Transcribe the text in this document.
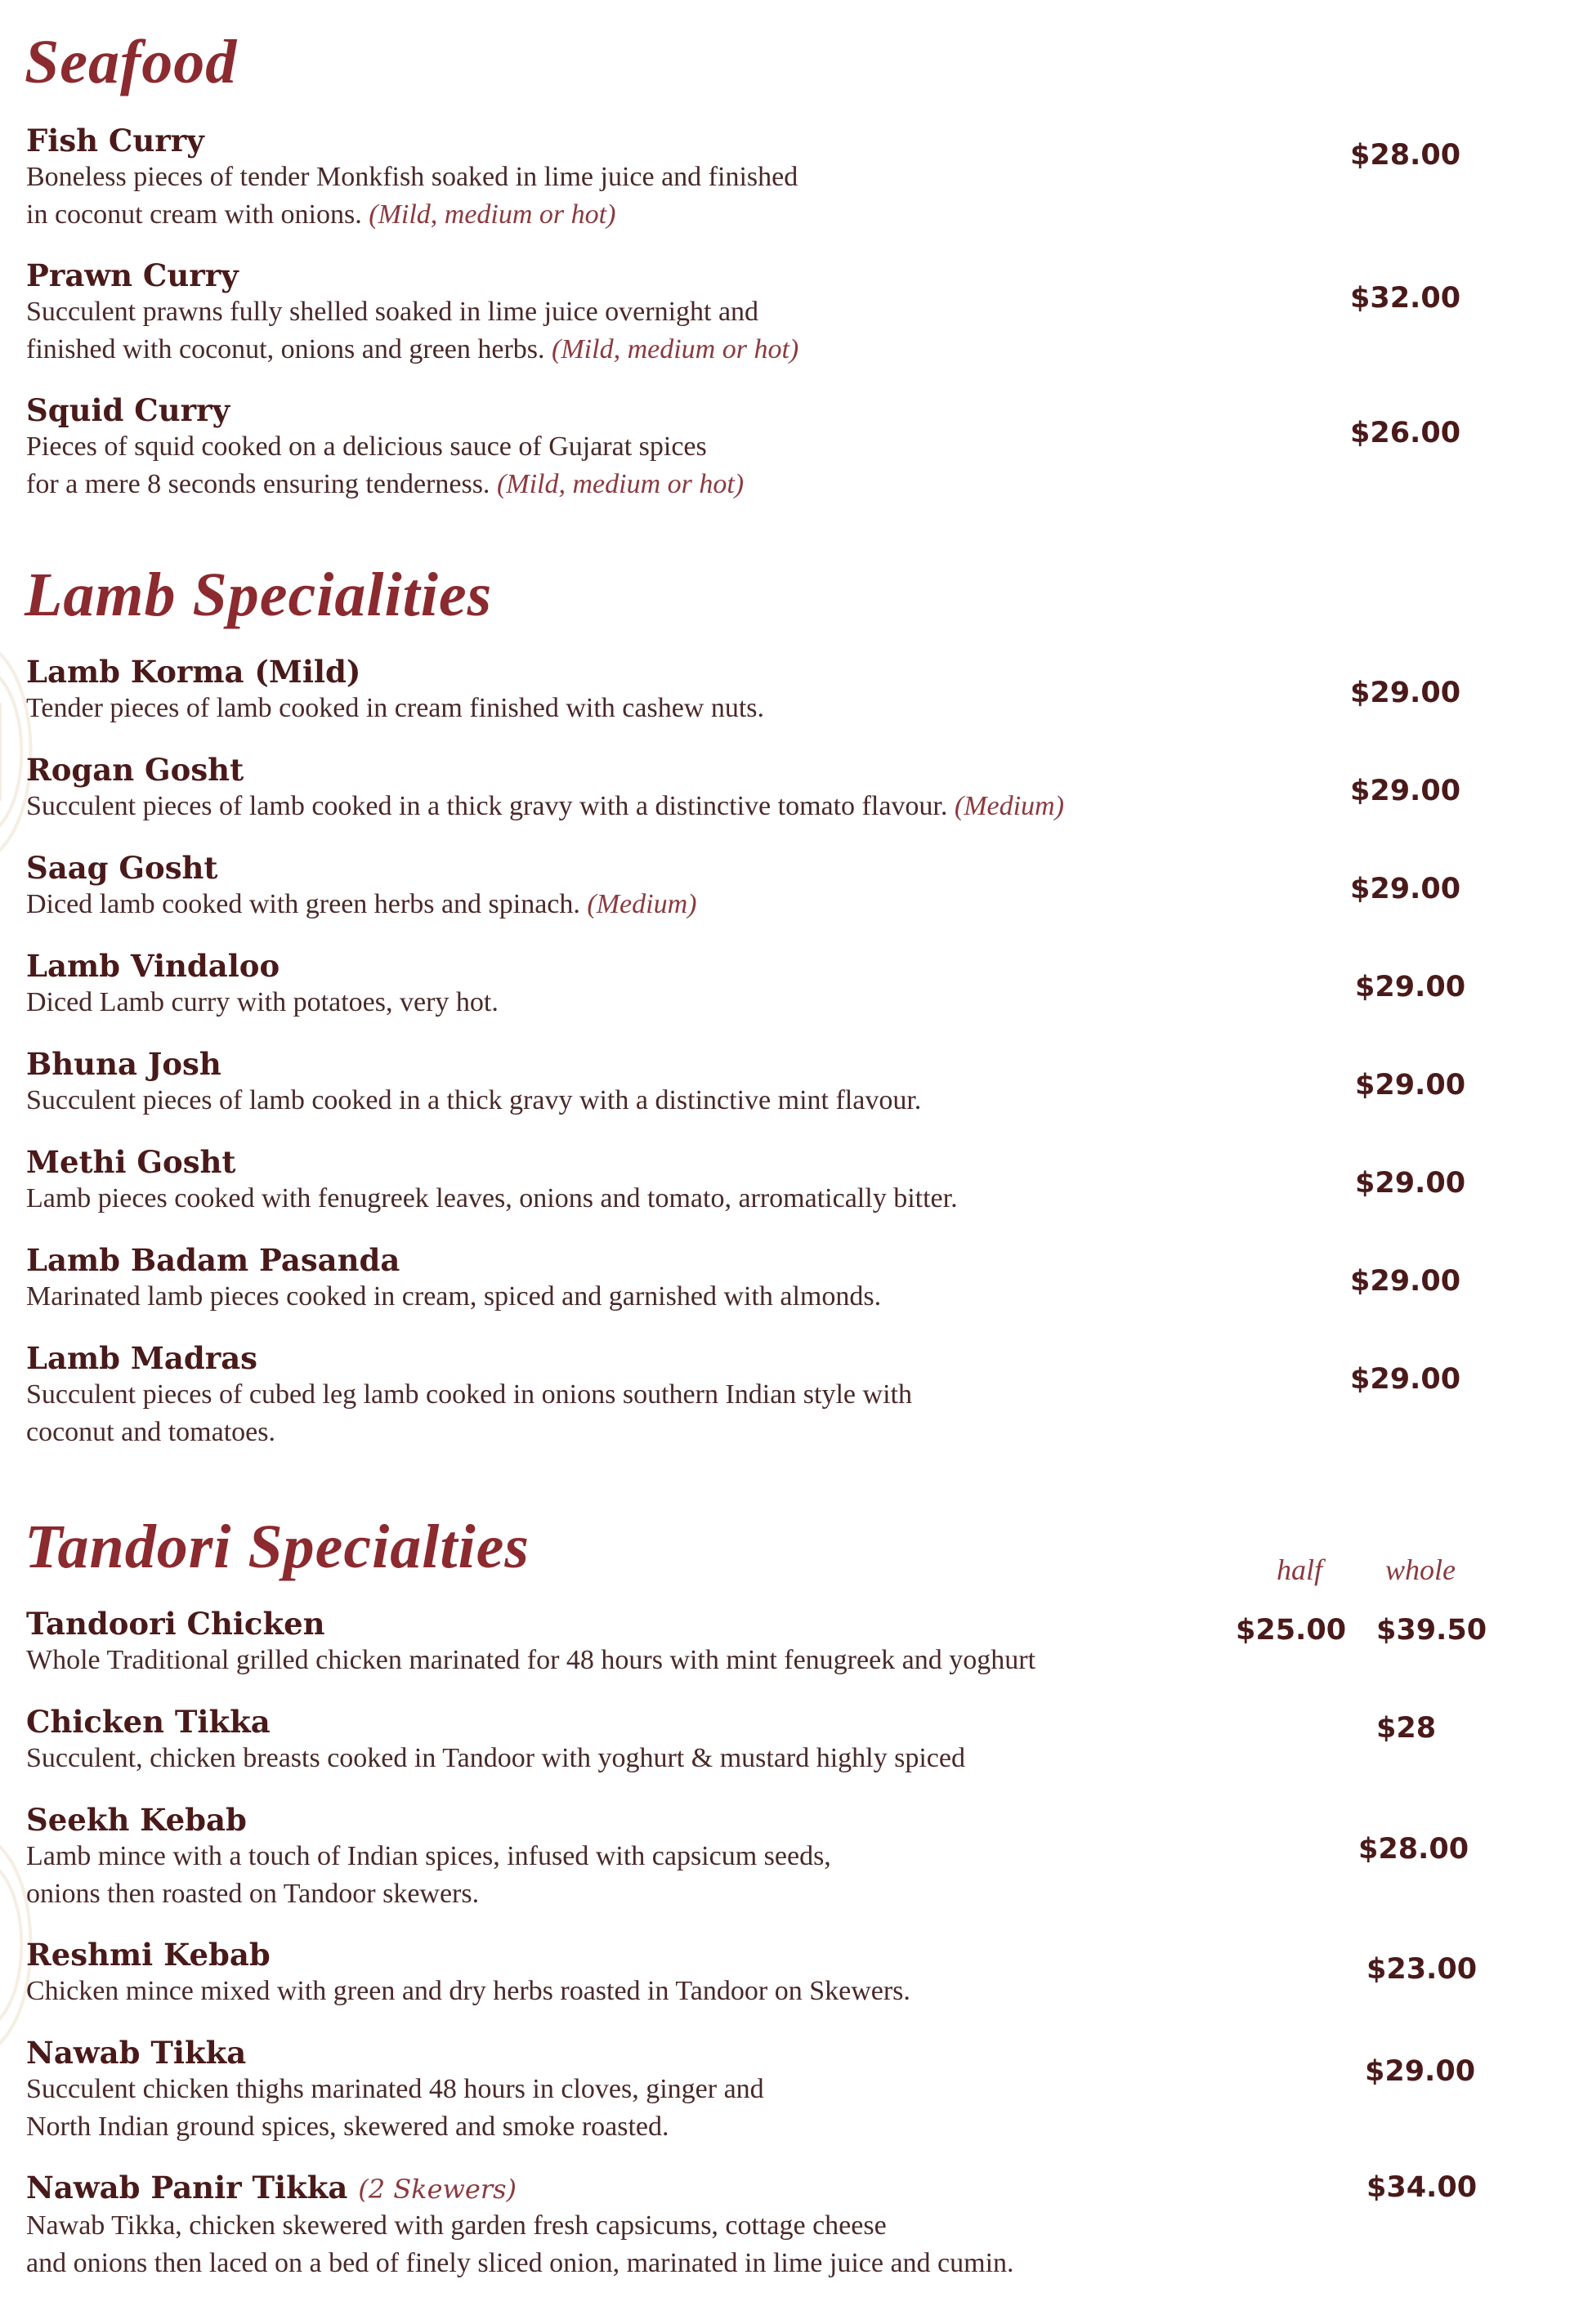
Seafood
Fish Curry
Boneless pieces of tender Monkfish soaked in lime juice and finished
in coconut cream with onions. (Mild, medium or hot)
$28.00
Prawn Curry
Succulent prawns fully shelled soaked in lime juice overnight and
finished with coconut, onions and green herbs. (Mild, medium or hot)
$32.00
Squid Curry
Pieces of squid cooked on a delicious sauce of Gujarat spices
for a mere 8 seconds ensuring tenderness. (Mild, medium or hot)
$26.00
Lamb Specialities
Lamb Korma (Mild)
Tender pieces of lamb cooked in cream finished with cashew nuts.	$29.00
Rogan Gosht
Succulent pieces of lamb cooked in a thick gravy with a distinctive tomato flavour. (Medium)	$29.00
Saag Gosht
Diced lamb cooked with green herbs and spinach. (Medium)	$29.00
Lamb Vindaloo
Diced Lamb curry with potatoes, very hot.	$29.00
Bhuna Josh
Succulent pieces of lamb cooked in a thick gravy with a distinctive mint flavour.	$29.00
Methi Gosht
Lamb pieces cooked with fenugreek leaves, onions and tomato, arromatically bitter.	$29.00
Lamb Badam Pasanda
Marinated lamb pieces cooked in cream, spiced and garnished with almonds.	$29.00
Lamb Madras
Succulent pieces of cubed leg lamb cooked in onions southern Indian style with
coconut and tomatoes.
$29.00
Tandori Specialties	half whole
Tandoori Chicken
Whole Traditional grilled chicken marinated for 48 hours with mint fenugreek and yoghurt
$25.00 $39.50
Chicken Tikka
Succulent, chicken breasts cooked in Tandoor with yoghurt & mustard highly spiced
$28
Seekh Kebab
Lamb mince with a touch of Indian spices, infused with capsicum seeds,
onions then roasted on Tandoor skewers.
$28.00
Reshmi Kebab
Chicken mince mixed with green and dry herbs roasted in Tandoor on Skewers.
$23.00
Nawab Tikka
Succulent chicken thighs marinated 48 hours in cloves, ginger and
North Indian ground spices, skewered and smoke roasted.
$29.00
Nawab Panir Tikka (2 Skewers)
Nawab Tikka, chicken skewered with garden fresh capsicums, cottage cheese
and onions then laced on a bed of finely sliced onion, marinated in lime juice and cumin.
$34.00
